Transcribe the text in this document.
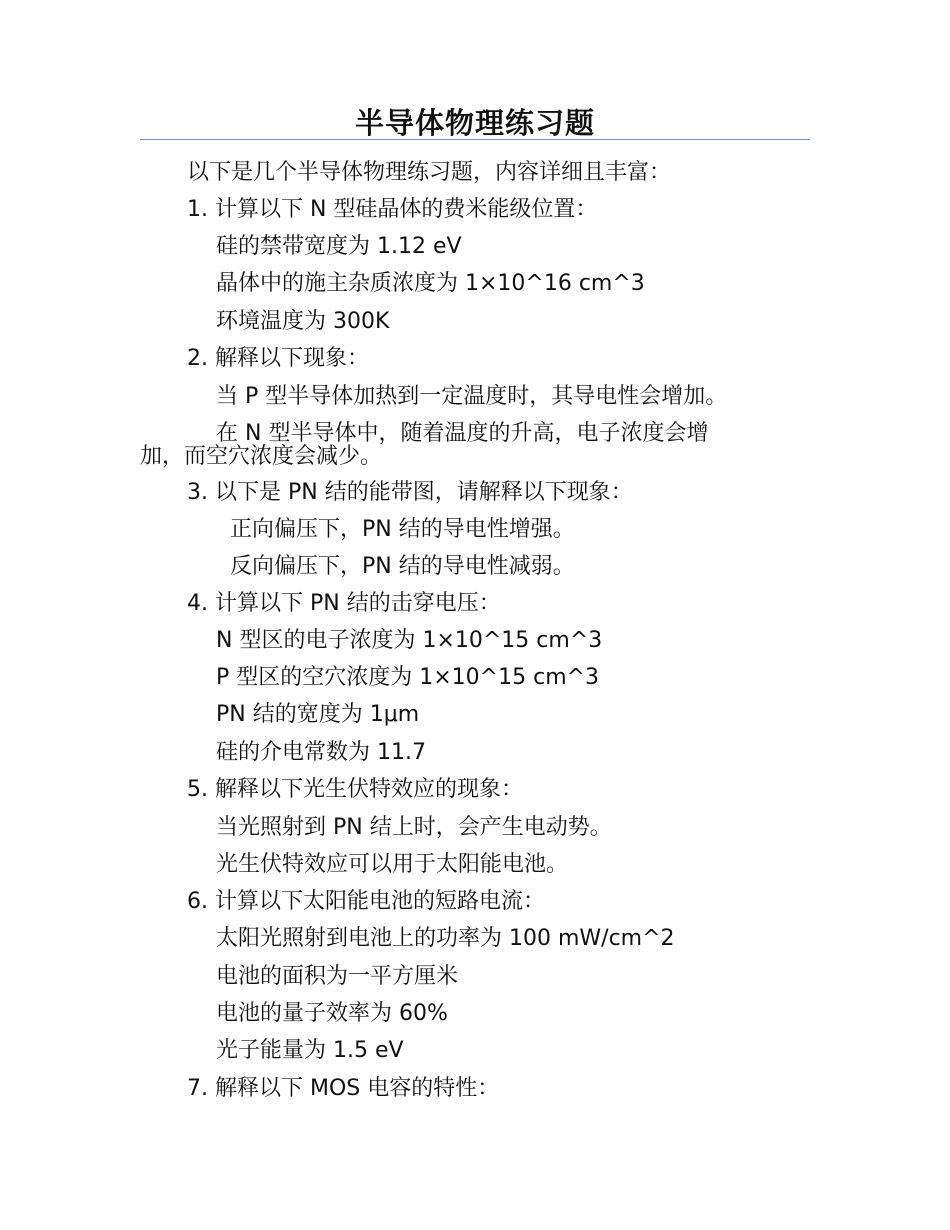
半导体物理练习题
以下是几个半导体物理练习题，内容详细且丰富：
1. 计算以下 N 型硅晶体的费米能级位置：
硅的禁带宽度为 1.12 eV
晶体中的施主杂质浓度为 1×10^16 cm^3
环境温度为 300K
2. 解释以下现象：
当 P 型半导体加热到一定温度时，其导电性会增加。
在 N 型半导体中，随着温度的升高，电子浓度会增
加，而空穴浓度会减少。
3. 以下是 PN 结的能带图，请解释以下现象：
正向偏压下，PN 结的导电性增强。
反向偏压下，PN 结的导电性减弱。
4. 计算以下 PN 结的击穿电压：
N 型区的电子浓度为 1×10^15 cm^3
P 型区的空穴浓度为 1×10^15 cm^3
PN 结的宽度为 1μm
硅的介电常数为 11.7
5. 解释以下光生伏特效应的现象：
当光照射到 PN 结上时，会产生电动势。
光生伏特效应可以用于太阳能电池。
6. 计算以下太阳能电池的短路电流：
太阳光照射到电池上的功率为 100 mW/cm^2
电池的面积为一平方厘米
电池的量子效率为 60%
光子能量为 1.5 eV
7. 解释以下 MOS 电容的特性：
